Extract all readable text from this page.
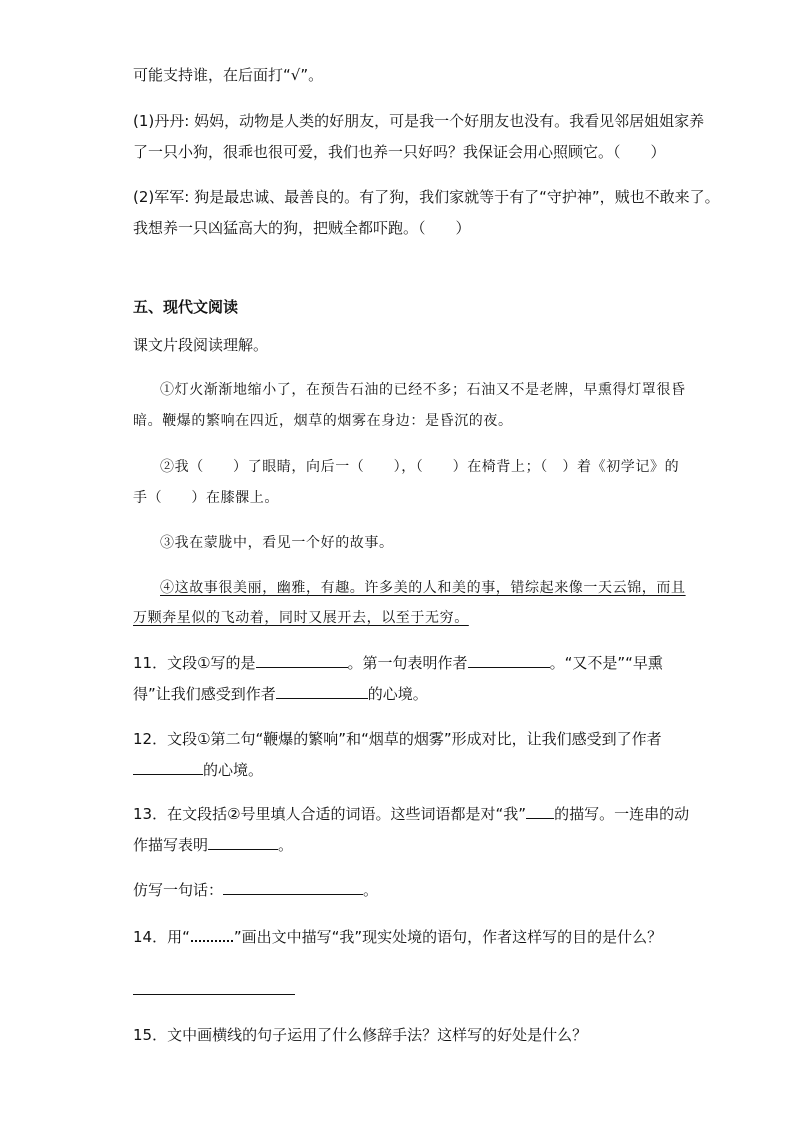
可能支持谁，在后面打“√”。
(1)丹丹: 妈妈，动物是人类的好朋友，可是我一个好朋友也没有。我看见邻居姐姐家养
了一只小狗，很乖也很可爱，我们也养一只好吗？我保证会用心照顾它。（　　）
(2)军军: 狗是最忠诚、最善良的。有了狗，我们家就等于有了“守护神”，贼也不敢来了。
我想养一只凶猛高大的狗，把贼全都吓跑。（　　）
五、现代文阅读
课文片段阅读理解。
①灯火渐渐地缩小了，在预告石油的已经不多；石油又不是老牌，早熏得灯罩很昏
暗。鞭爆的繁响在四近，烟草的烟雾在身边：是昏沉的夜。
②我（　　）了眼睛，向后一（　　），（　　）在椅背上；（　）着《初学记》的
手（　　）在膝髁上。
③我在蒙胧中，看见一个好的故事。
④这故事很美丽，幽雅，有趣。许多美的人和美的事，错综起来像一天云锦，而且
万颗奔星似的飞动着，同时又展开去，以至于无穷。
11．文段①写的是	。第一句表明作者	。“又不是”“早熏
得”让我们感受到作者	的心境。
12．文段①第二句“鞭爆的繁响”和“烟草的烟雾”形成对比，让我们感受到了作者
的心境。
13．在文段括②号里填人合适的词语。这些词语都是对“我” 的描写。一连串的动
作描写表明	。
仿写一句话：	。
14．用“	”画出文中描写“我”现实处境的语句，作者这样写的目的是什么？
15．文中画横线的句子运用了什么修辞手法？这样写的好处是什么？
